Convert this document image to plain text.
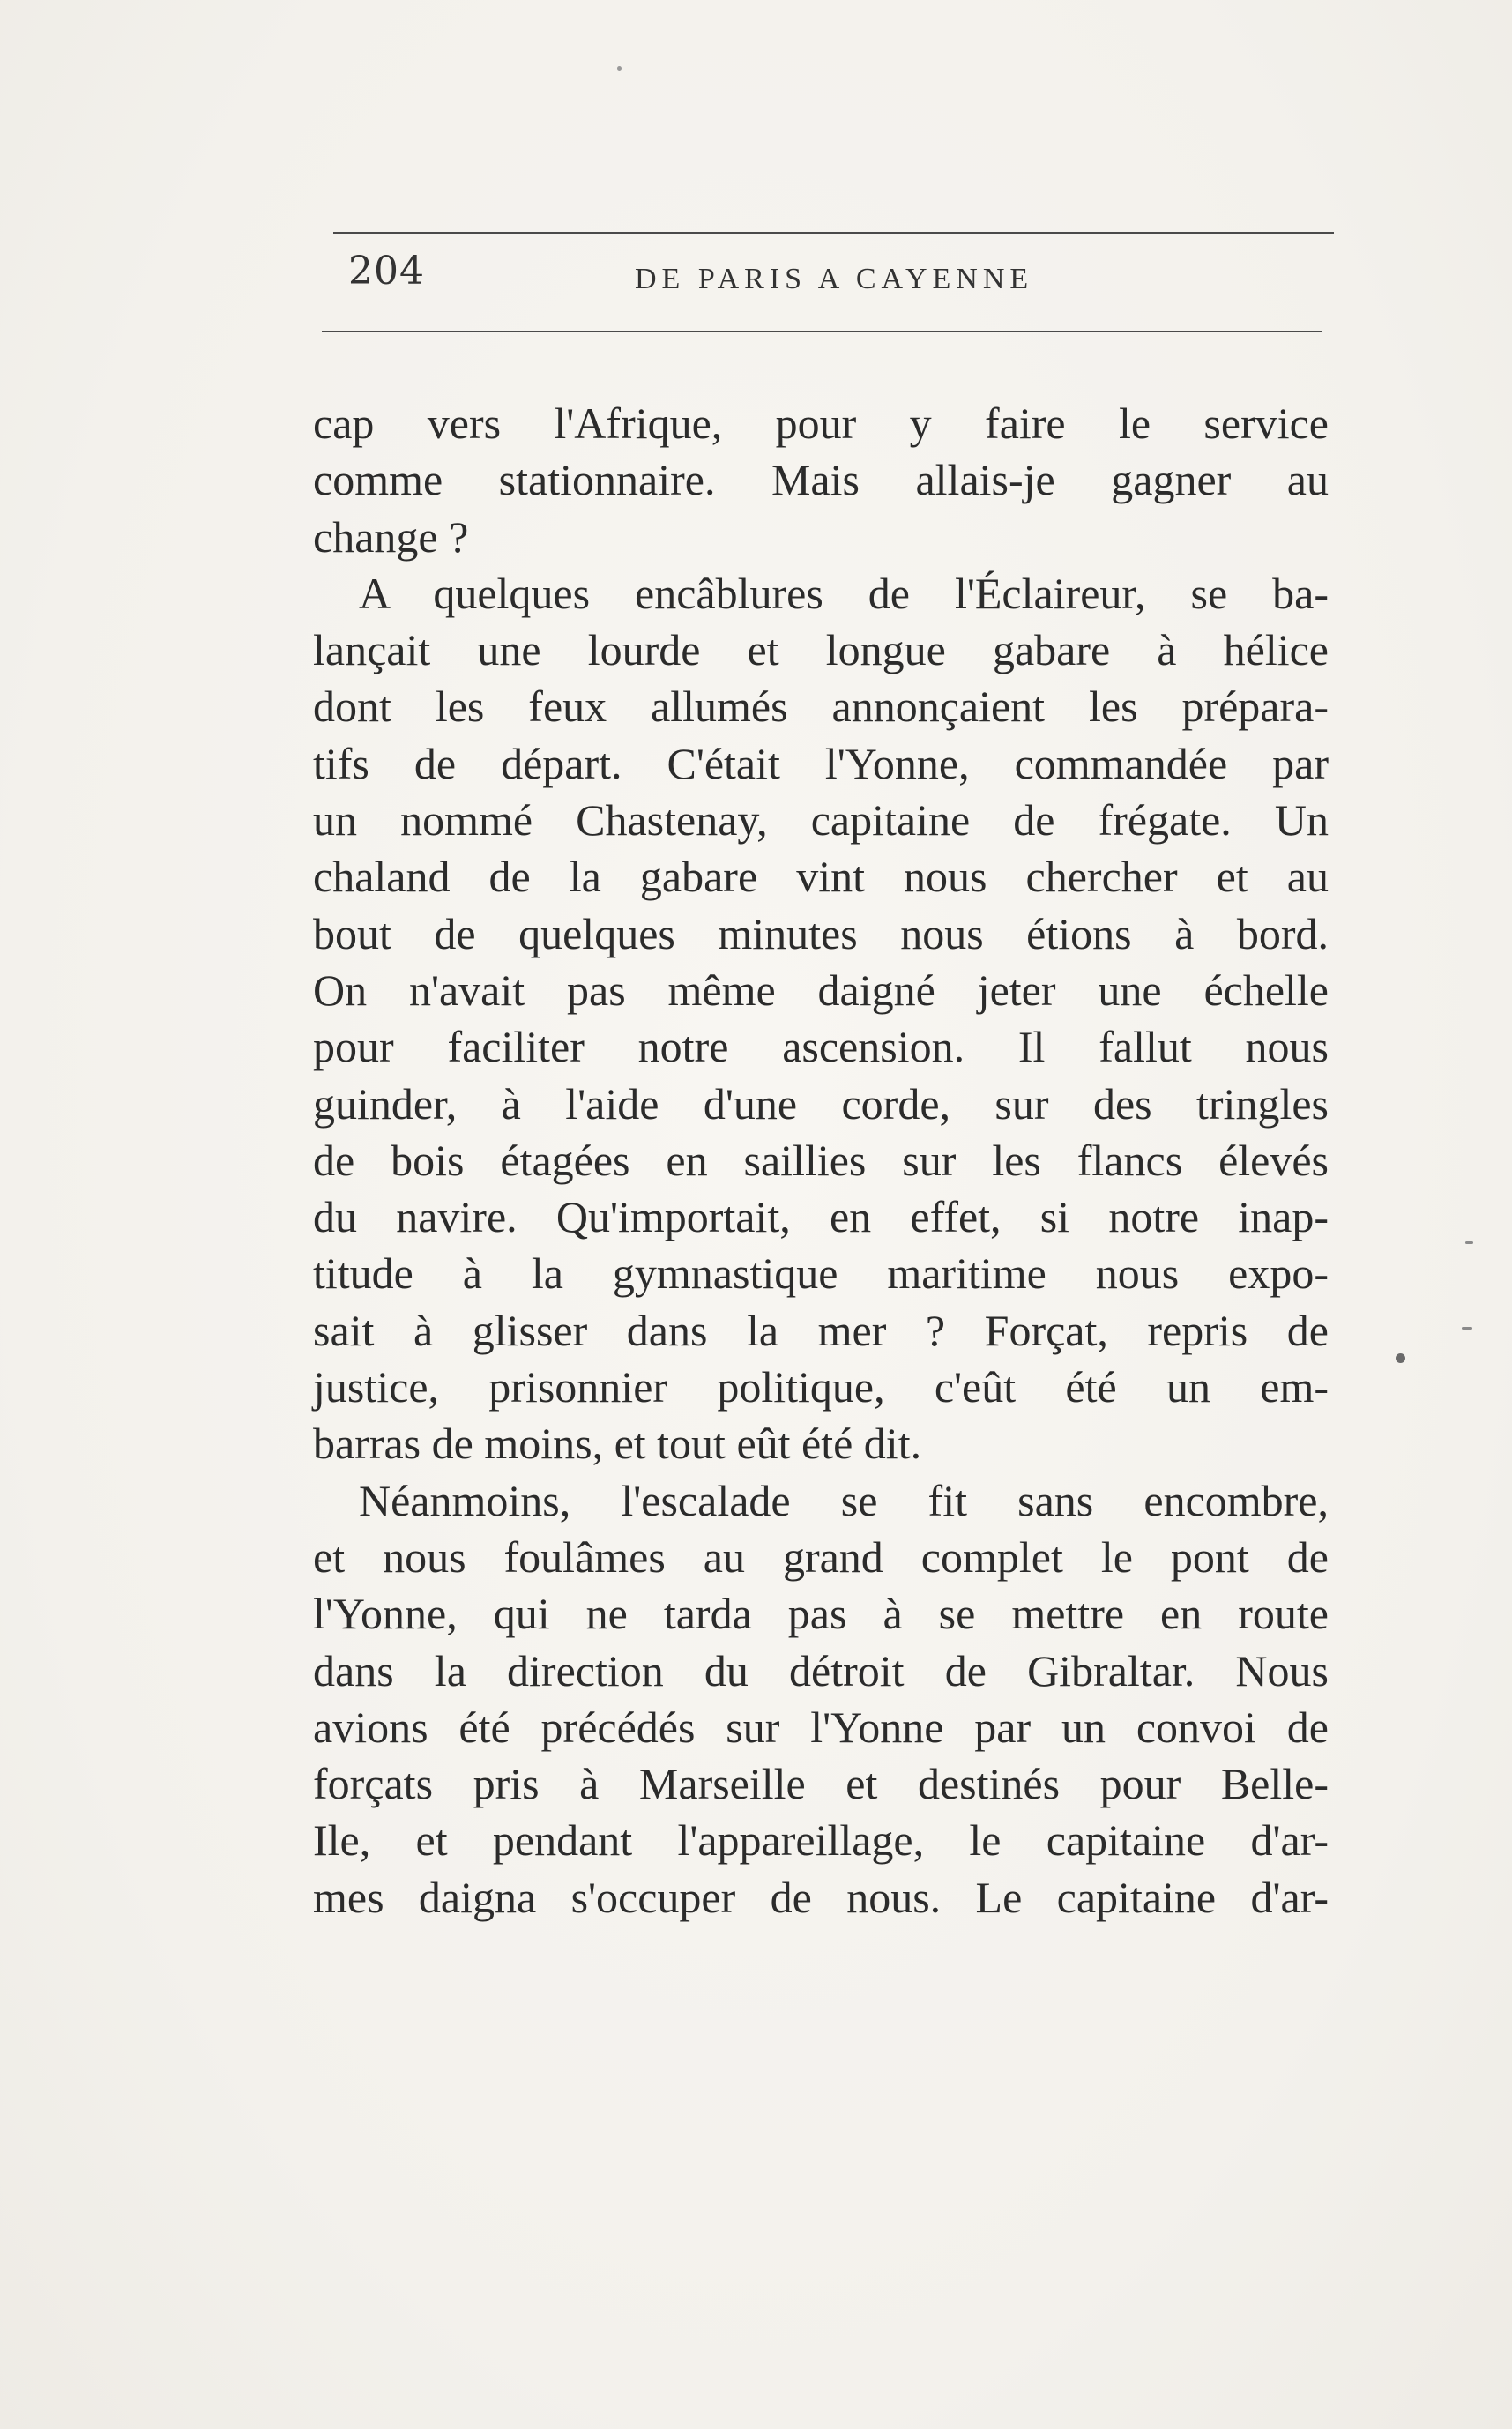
204	DE PARIS A CAYENNE
cap vers l'Afrique, pour y faire le service
comme stationnaire. Mais allais-je gagner au
change ?
A quelques encâblures de l'Éclaireur, se ba-
lançait une lourde et longue gabare à hélice
dont les feux allumés annonçaient les prépara-
tifs de départ. C'était l'Yonne, commandée par
un nommé Chastenay, capitaine de frégate. Un
chaland de la gabare vint nous chercher et au
bout de quelques minutes nous étions à bord.
On n'avait pas même daigné jeter une échelle
pour faciliter notre ascension. Il fallut nous
guinder, à l'aide d'une corde, sur des tringles
de bois étagées en saillies sur les flancs élevés
du navire. Qu'importait, en effet, si notre inap-
titude à la gymnastique maritime nous expo-
sait à glisser dans la mer ? Forçat, repris de
justice, prisonnier politique, c'eût été un em-
barras de moins, et tout eût été dit.
Néanmoins, l'escalade se fit sans encombre,
et nous foulâmes au grand complet le pont de
l'Yonne, qui ne tarda pas à se mettre en route
dans la direction du détroit de Gibraltar. Nous
avions été précédés sur l'Yonne par un convoi de
forçats pris à Marseille et destinés pour Belle-
Ile, et pendant l'appareillage, le capitaine d'ar-
mes daigna s'occuper de nous. Le capitaine d'ar-
